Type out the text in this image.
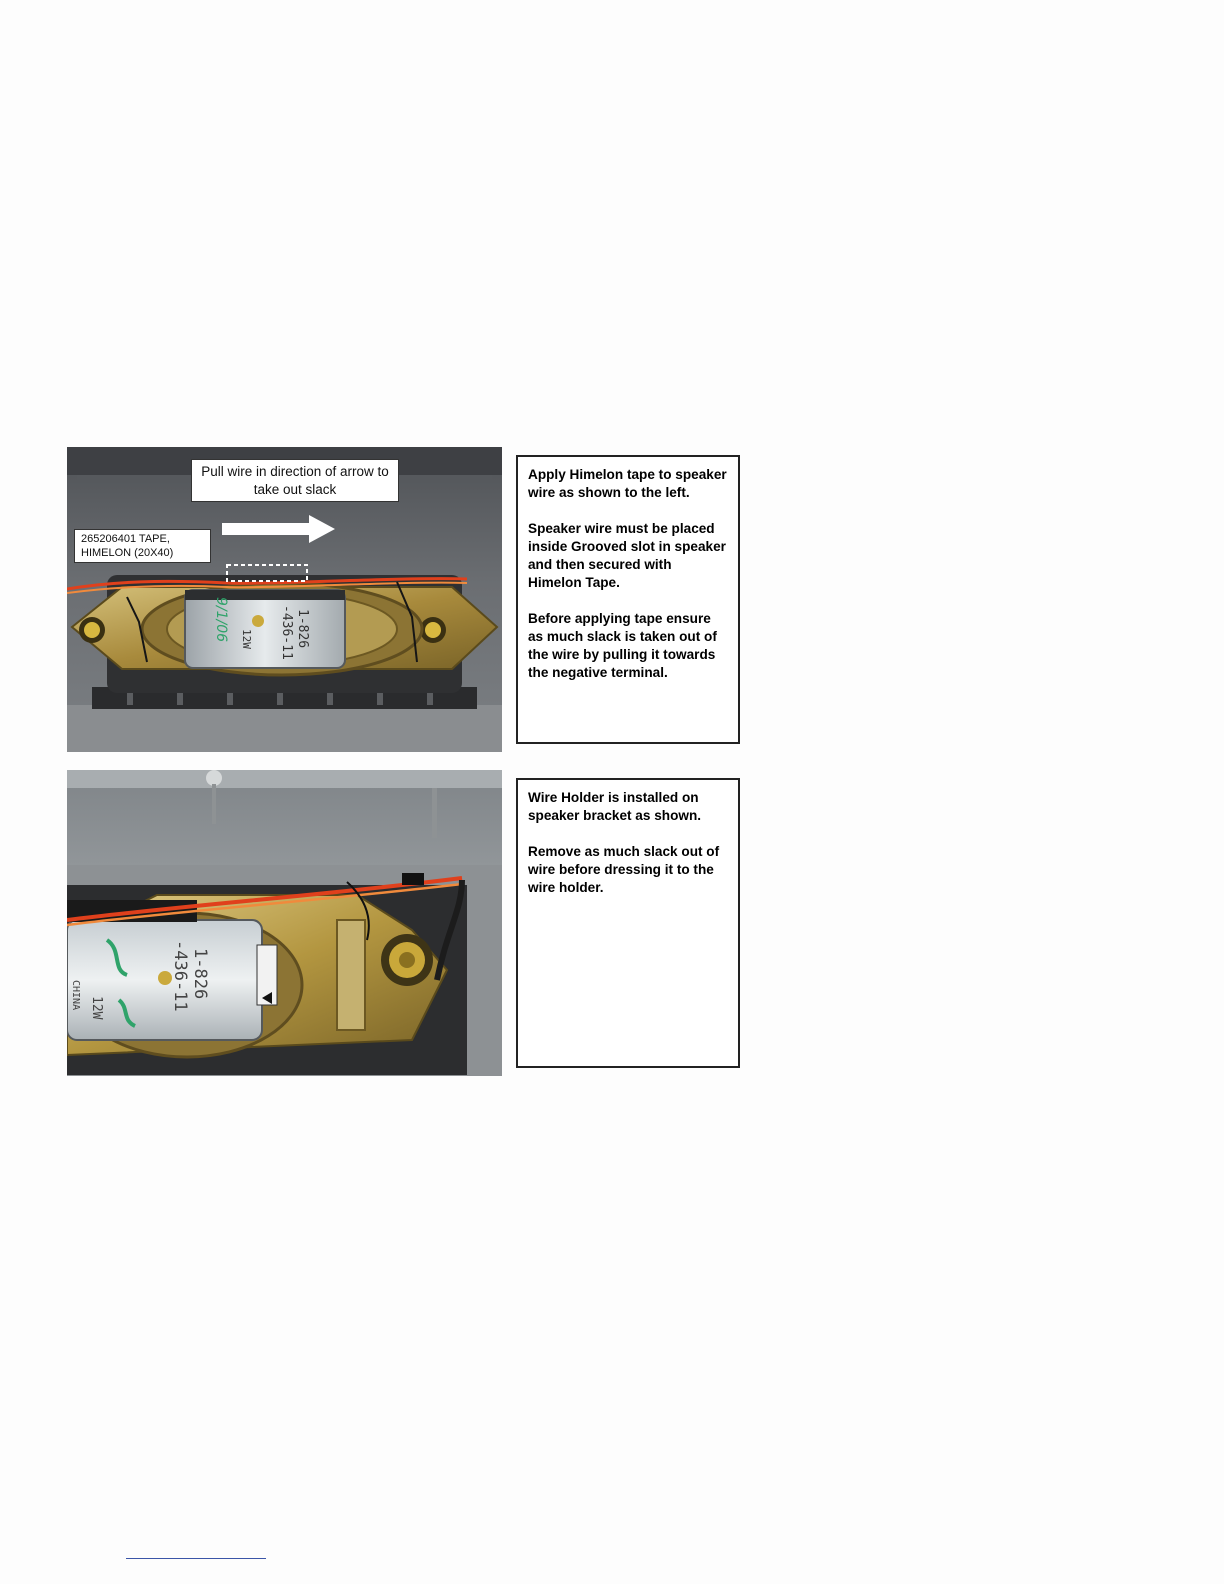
1-826
-436-11
12W
9/1/06
Pull wire in direction of arrow to take out slack
265206401 TAPE, HIMELON (20X40)

Apply Himelon tape to speaker wire as shown to the left.

Speaker wire must be placed inside Grooved slot in speaker and then secured with Himelon Tape.

Before applying tape ensure as much slack is taken out of the wire by pulling it towards the negative terminal.

1-826
-436-11
12W
CHINA

Wire Holder is installed on speaker bracket as shown.

Remove as much slack out of wire before dressing it to the wire holder.
